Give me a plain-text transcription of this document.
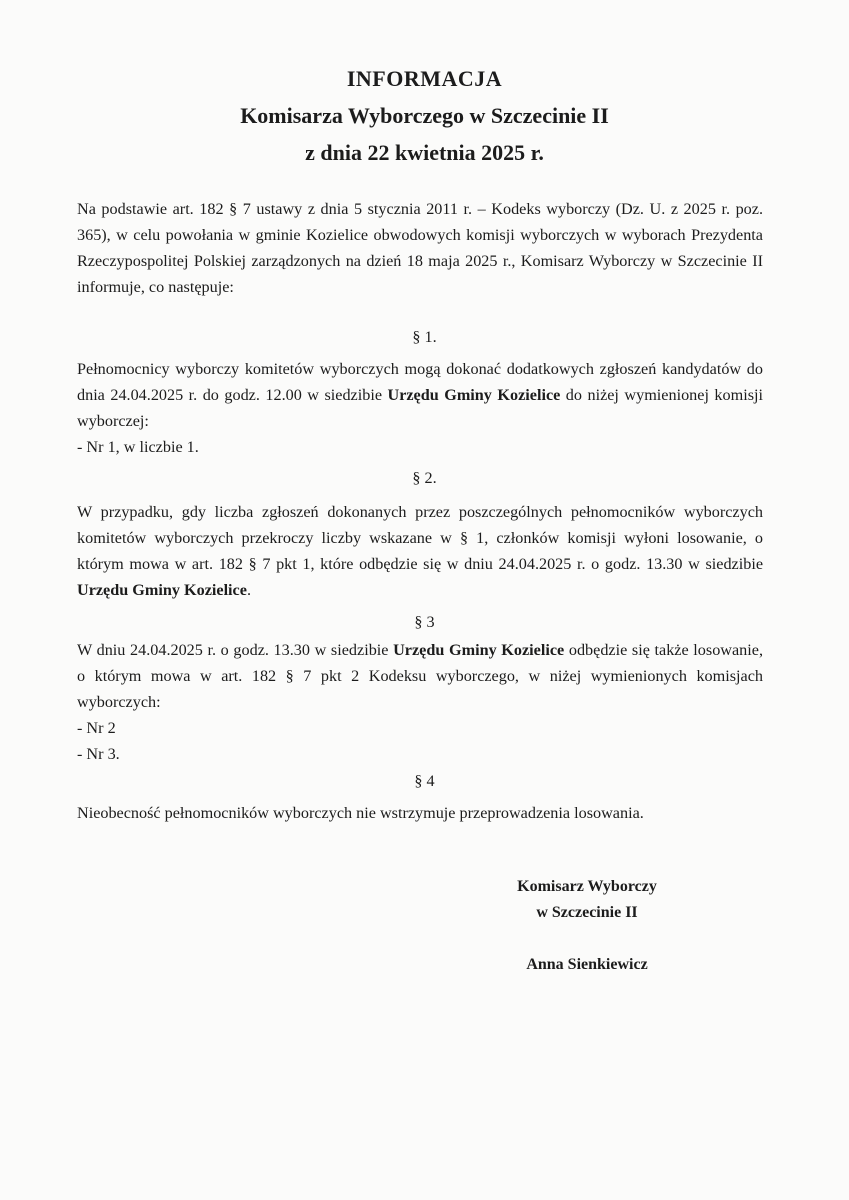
INFORMACJA
Komisarza Wyborczego w Szczecinie II
z dnia 22 kwietnia 2025 r.
Na podstawie art. 182 § 7 ustawy z dnia 5 stycznia 2011 r. – Kodeks wyborczy (Dz. U. z 2025 r. poz. 365), w celu powołania w gminie Kozielice obwodowych komisji wyborczych w wyborach Prezydenta Rzeczypospolitej Polskiej zarządzonych na dzień 18 maja 2025 r., Komisarz Wyborczy w Szczecinie II informuje, co następuje:
§ 1.
Pełnomocnicy wyborczy komitetów wyborczych mogą dokonać dodatkowych zgłoszeń kandydatów do dnia 24.04.2025 r. do godz. 12.00 w siedzibie Urzędu Gminy Kozielice do niżej wymienionej komisji wyborczej:
- Nr 1, w liczbie 1.
§ 2.
W przypadku, gdy liczba zgłoszeń dokonanych przez poszczególnych pełnomocników wyborczych komitetów wyborczych przekroczy liczby wskazane w § 1, członków komisji wyłoni losowanie, o którym mowa w art. 182 § 7 pkt 1, które odbędzie się w dniu 24.04.2025 r. o godz. 13.30 w siedzibie Urzędu Gminy Kozielice.
§ 3
W dniu 24.04.2025 r. o godz. 13.30 w siedzibie Urzędu Gminy Kozielice odbędzie się także losowanie, o którym mowa w art. 182 § 7 pkt 2 Kodeksu wyborczego, w niżej wymienionych komisjach wyborczych:
- Nr 2
- Nr 3.
§ 4
Nieobecność pełnomocników wyborczych nie wstrzymuje przeprowadzenia losowania.
Komisarz Wyborczy
w Szczecinie II
Anna Sienkiewicz
